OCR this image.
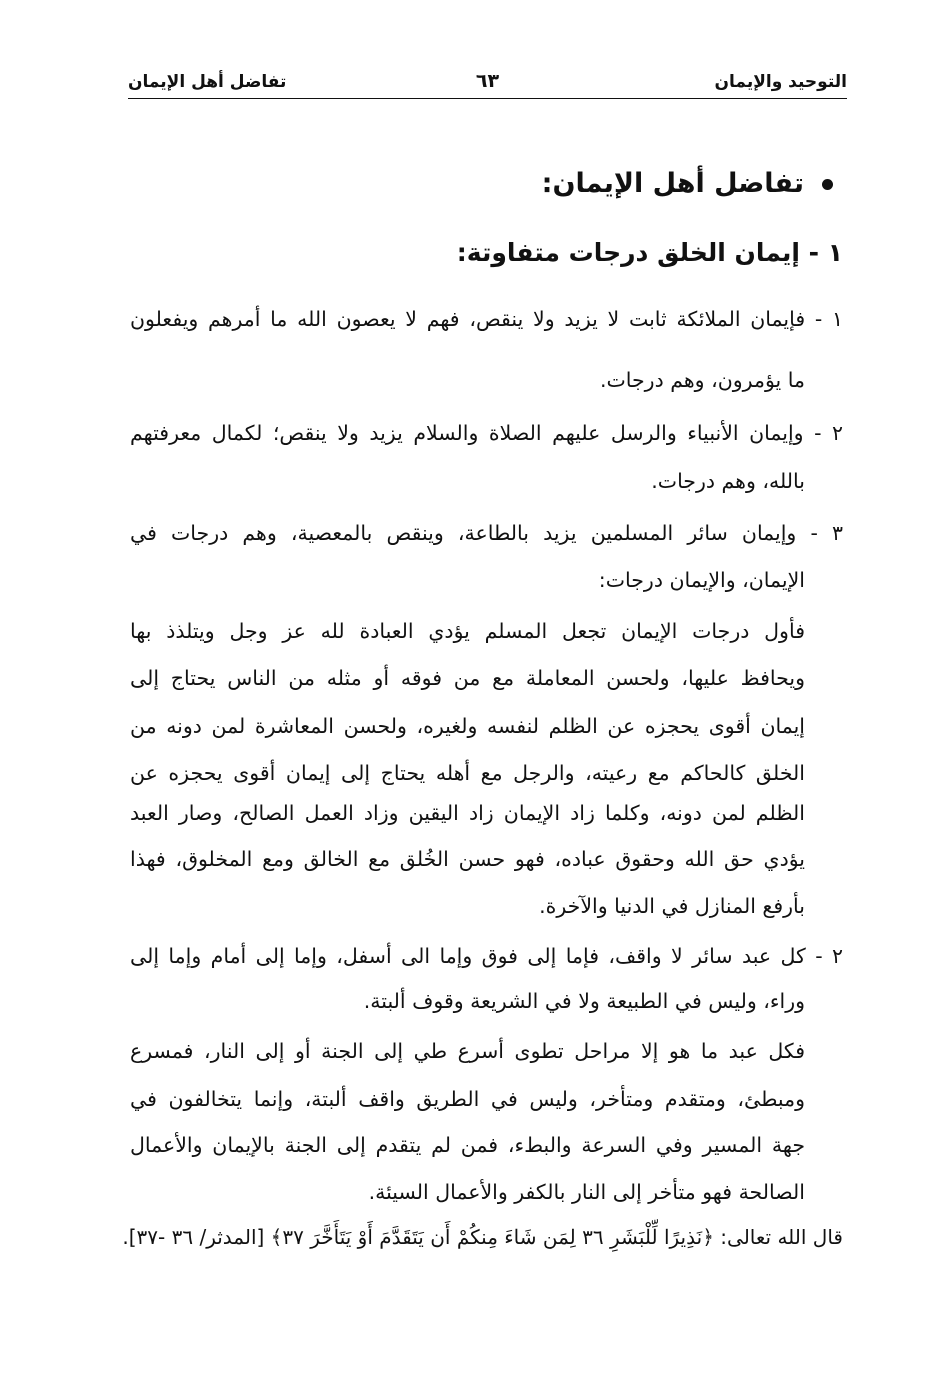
التوحيد والإيمان
٦٣
تفاضل أهل الإيمان
تفاضل أهل الإيمان:
١ - إيمان الخلق درجات متفاوتة:
١ - فإيمان الملائكة ثابت لا يزيد ولا ينقص، فهم لا يعصون الله ما أمرهم ويفعلون
ما يؤمرون، وهم درجات.
٢ - وإيمان الأنبياء والرسل عليهم الصلاة والسلام يزيد ولا ينقص؛ لكمال معرفتهم
بالله، وهم درجات.
٣ - وإيمان سائر المسلمين يزيد بالطاعة، وينقص بالمعصية، وهم درجات في
الإيمان، والإيمان درجات:
فأول درجات الإيمان تجعل المسلم يؤدي العبادة لله عز وجل ويتلذذ بها
ويحافظ عليها، ولحسن المعاملة مع من فوقه أو مثله من الناس يحتاج إلى
إيمان أقوى يحجزه عن الظلم لنفسه ولغيره، ولحسن المعاشرة لمن دونه من
الخلق كالحاكم مع رعيته، والرجل مع أهله يحتاج إلى إيمان أقوى يحجزه عن
الظلم لمن دونه، وكلما زاد الإيمان زاد اليقين وزاد العمل الصالح، وصار العبد
يؤدي حق الله وحقوق عباده، فهو حسن الخُلق مع الخالق ومع المخلوق، فهذا
بأرفع المنازل في الدنيا والآخرة.
٢ - كل عبد سائر لا واقف، فإما إلى فوق وإما الى أسفل، وإما إلى أمام وإما إلى
وراء، وليس في الطبيعة ولا في الشريعة وقوف ألبتة.
فكل عبد ما هو إلا مراحل تطوى أسرع طي إلى الجنة أو إلى النار، فمسرع
ومبطئ، ومتقدم ومتأخر، وليس في الطريق واقف ألبتة، وإنما يتخالفون في
جهة المسير وفي السرعة والبطء، فمن لم يتقدم إلى الجنة بالإيمان والأعمال
الصالحة فهو متأخر إلى النار بالكفر والأعمال السيئة.
قال الله تعالى: ﴿نَذِيرًا لِّلْبَشَرِ ٣٦ لِمَن شَاءَ مِنكُمْ أَن يَتَقَدَّمَ أَوْ يَتَأَخَّرَ ٣٧﴾ [المدثر/ ٣٦ -٣٧].
